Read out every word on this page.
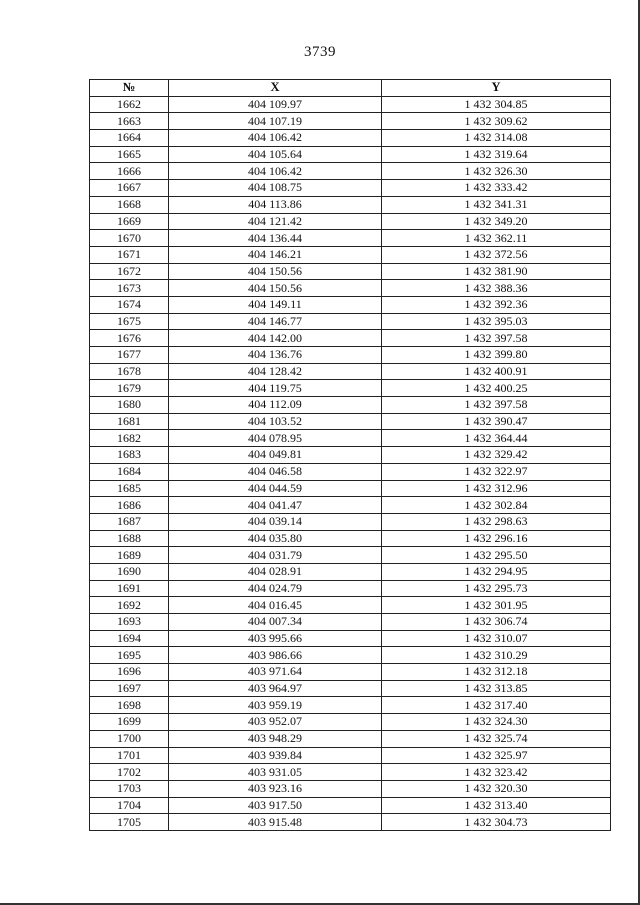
3739
№	X	Y
1662	404 109.97	1 432 304.85
1663	404 107.19	1 432 309.62
1664	404 106.42	1 432 314.08
1665	404 105.64	1 432 319.64
1666	404 106.42	1 432 326.30
1667	404 108.75	1 432 333.42
1668	404 113.86	1 432 341.31
1669	404 121.42	1 432 349.20
1670	404 136.44	1 432 362.11
1671	404 146.21	1 432 372.56
1672	404 150.56	1 432 381.90
1673	404 150.56	1 432 388.36
1674	404 149.11	1 432 392.36
1675	404 146.77	1 432 395.03
1676	404 142.00	1 432 397.58
1677	404 136.76	1 432 399.80
1678	404 128.42	1 432 400.91
1679	404 119.75	1 432 400.25
1680	404 112.09	1 432 397.58
1681	404 103.52	1 432 390.47
1682	404 078.95	1 432 364.44
1683	404 049.81	1 432 329.42
1684	404 046.58	1 432 322.97
1685	404 044.59	1 432 312.96
1686	404 041.47	1 432 302.84
1687	404 039.14	1 432 298.63
1688	404 035.80	1 432 296.16
1689	404 031.79	1 432 295.50
1690	404 028.91	1 432 294.95
1691	404 024.79	1 432 295.73
1692	404 016.45	1 432 301.95
1693	404 007.34	1 432 306.74
1694	403 995.66	1 432 310.07
1695	403 986.66	1 432 310.29
1696	403 971.64	1 432 312.18
1697	403 964.97	1 432 313.85
1698	403 959.19	1 432 317.40
1699	403 952.07	1 432 324.30
1700	403 948.29	1 432 325.74
1701	403 939.84	1 432 325.97
1702	403 931.05	1 432 323.42
1703	403 923.16	1 432 320.30
1704	403 917.50	1 432 313.40
1705	403 915.48	1 432 304.73
